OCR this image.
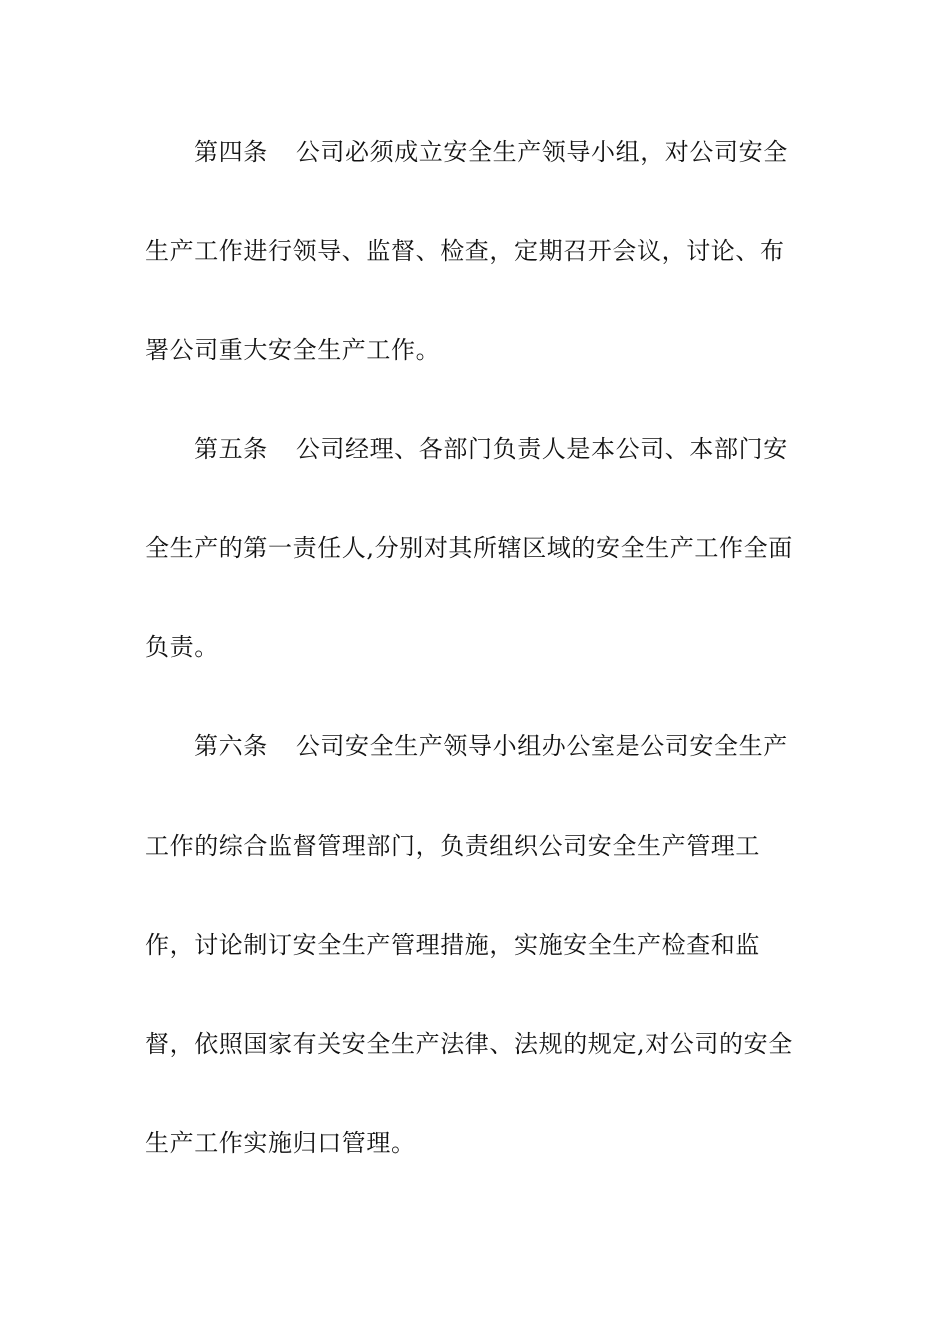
第四条 公司必须成立安全生产领导小组，对公司安全
生产工作进行领导、监督、检查，定期召开会议，讨论、布
署公司重大安全生产工作。
第五条 公司经理、各部门负责人是本公司、本部门安
全生产的第一责任人,分别对其所辖区域的安全生产工作全面
负责。
第六条 公司安全生产领导小组办公室是公司安全生产
工作的综合监督管理部门，负责组织公司安全生产管理工
作，讨论制订安全生产管理措施，实施安全生产检查和监
督，依照国家有关安全生产法律、法规的规定,对公司的安全
生产工作实施归口管理。
